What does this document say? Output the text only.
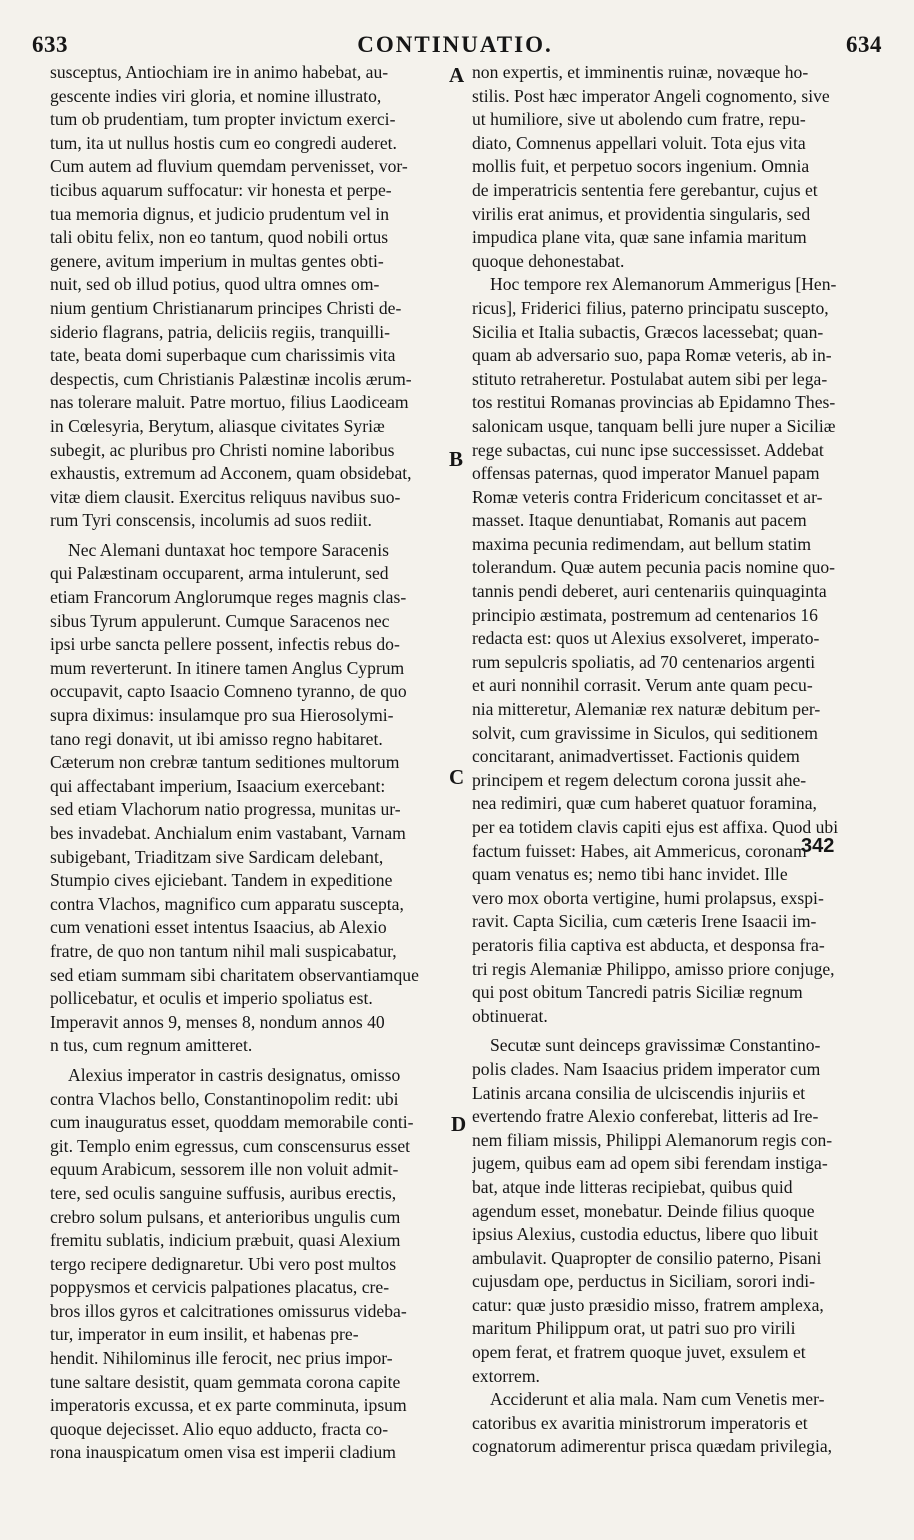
633	CONTINUATIO.	634
susceptus, Antiochiam ire in animo habebat, au-
gescente indies viri gloria, et nomine illustrato,
tum ob prudentiam, tum propter invictum exerci-
tum, ita ut nullus hostis cum eo congredi auderet.
Cum autem ad fluvium quemdam pervenisset, vor-
ticibus aquarum suffocatur: vir honesta et perpe-
tua memoria dignus, et judicio prudentum vel in
tali obitu felix, non eo tantum, quod nobili ortus
genere, avitum imperium in multas gentes obti-
nuit, sed ob illud potius, quod ultra omnes om-
nium gentium Christianarum principes Christi de-
siderio flagrans, patria, deliciis regiis, tranquilli-
tate, beata domi superbaque cum charissimis vita
despectis, cum Christianis Palæstinæ incolis ærum-
nas tolerare maluit. Patre mortuo, filius Laodiceam
in Cœlesyria, Berytum, aliasque civitates Syriæ
subegit, ac pluribus pro Christi nomine laboribus
exhaustis, extremum ad Acconem, quam obsidebat,
vitæ diem clausit. Exercitus reliquus navibus suo-
rum Tyri conscensis, incolumis ad suos rediit.
Nec Alemani duntaxat hoc tempore Saracenis
qui Palæstinam occuparent, arma intulerunt, sed
etiam Francorum Anglorumque reges magnis clas-
sibus Tyrum appulerunt. Cumque Saracenos nec
ipsi urbe sancta pellere possent, infectis rebus do-
mum reverterunt. In itinere tamen Anglus Cyprum
occupavit, capto Isaacio Comneno tyranno, de quo
supra diximus: insulamque pro sua Hierosolymi-
tano regi donavit, ut ibi amisso regno habitaret.
Cæterum non crebræ tantum seditiones multorum
qui affectabant imperium, Isaacium exercebant:
sed etiam Vlachorum natio progressa, munitas ur-
bes invadebat. Anchialum enim vastabant, Varnam
subigebant, Triaditzam sive Sardicam delebant,
Stumpio cives ejiciebant. Tandem in expeditione
contra Vlachos, magnifico cum apparatu suscepta,
cum venationi esset intentus Isaacius, ab Alexio
fratre, de quo non tantum nihil mali suspicabatur,
sed etiam summam sibi charitatem observantiamque
pollicebatur, et oculis et imperio spoliatus est.
Imperavit annos 9, menses 8, nondum annos 40
n tus, cum regnum amitteret.
Alexius imperator in castris designatus, omisso
contra Vlachos bello, Constantinopolim redit: ubi
cum inauguratus esset, quoddam memorabile conti-
git. Templo enim egressus, cum conscensurus esset
equum Arabicum, sessorem ille non voluit admit-
tere, sed oculis sanguine suffusis, auribus erectis,
crebro solum pulsans, et anterioribus ungulis cum
fremitu sublatis, indicium præbuit, quasi Alexium
tergo recipere dedignaretur. Ubi vero post multos
poppysmos et cervicis palpationes placatus, cre-
bros illos gyros et calcitrationes omissurus videba-
tur, imperator in eum insilit, et habenas pre-
hendit. Nihilominus ille ferocit, nec prius impor-
tune saltare desistit, quam gemmata corona capite
imperatoris excussa, et ex parte comminuta, ipsum
quoque dejecisset. Alio equo adducto, fracta co-
rona inauspicatum omen visa est imperii cladium
non expertis, et imminentis ruinæ, novæque ho-
stilis. Post hæc imperator Angeli cognomento, sive
ut humiliore, sive ut abolendo cum fratre, repu-
diato, Comnenus appellari voluit. Tota ejus vita
mollis fuit, et perpetuo socors ingenium. Omnia
de imperatricis sententia fere gerebantur, cujus et
virilis erat animus, et providentia singularis, sed
impudica plane vita, quæ sane infamia maritum
quoque dehonestabat.
Hoc tempore rex Alemanorum Ammerigus [Hen-
ricus], Friderici filius, paterno principatu suscepto,
Sicilia et Italia subactis, Græcos lacessebat; quan-
quam ab adversario suo, papa Romæ veteris, ab in-
stituto retraheretur. Postulabat autem sibi per lega-
tos restitui Romanas provincias ab Epidamno Thes-
salonicam usque, tanquam belli jure nuper a Siciliæ
rege subactas, cui nunc ipse successisset. Addebat
offensas paternas, quod imperator Manuel papam
Romæ veteris contra Fridericum concitasset et ar-
masset. Itaque denuntiabat, Romanis aut pacem
maxima pecunia redimendam, aut bellum statim
tolerandum. Quæ autem pecunia pacis nomine quo-
tannis pendi deberet, auri centenariis quinquaginta
principio æstimata, postremum ad centenarios 16
redacta est: quos ut Alexius exsolveret, imperato-
rum sepulcris spoliatis, ad 70 centenarios argenti
et auri nonnihil corrasit. Verum ante quam pecu-
nia mitteretur, Alemaniæ rex naturæ debitum per-
solvit, cum gravissime in Siculos, qui seditionem
concitarant, animadvertisset. Factionis quidem
principem et regem delectum corona jussit ahe-
nea redimiri, quæ cum haberet quatuor foramina,
per ea totidem clavis capiti ejus est affixa. Quod ubi
factum fuisset: Habes, ait Ammericus, coronam
quam venatus es; nemo tibi hanc invidet. Ille
vero mox oborta vertigine, humi prolapsus, exspi-
ravit. Capta Sicilia, cum cæteris Irene Isaacii im-
peratoris filia captiva est abducta, et desponsa fra-
tri regis Alemaniæ Philippo, amisso priore conjuge,
qui post obitum Tancredi patris Siciliæ regnum
obtinuerat.
Secutæ sunt deinceps gravissimæ Constantino-
polis clades. Nam Isaacius pridem imperator cum
Latinis arcana consilia de ulciscendis injuriis et
evertendo fratre Alexio conferebat, litteris ad Ire-
nem filiam missis, Philippi Alemanorum regis con-
jugem, quibus eam ad opem sibi ferendam instiga-
bat, atque inde litteras recipiebat, quibus quid
agendum esset, monebatur. Deinde filius quoque
ipsius Alexius, custodia eductus, libere quo libuit
ambulavit. Quapropter de consilio paterno, Pisani
cujusdam ope, perductus in Siciliam, sorori indi-
catur: quæ justo præsidio misso, fratrem amplexa,
maritum Philippum orat, ut patri suo pro virili
opem ferat, et fratrem quoque juvet, exsulem et
extorrem.
Acciderunt et alia mala. Nam cum Venetis mer-
catoribus ex avaritia ministrorum imperatoris et
cognatorum adimerentur prisca quædam privilegia,
A
B
C
D
342
